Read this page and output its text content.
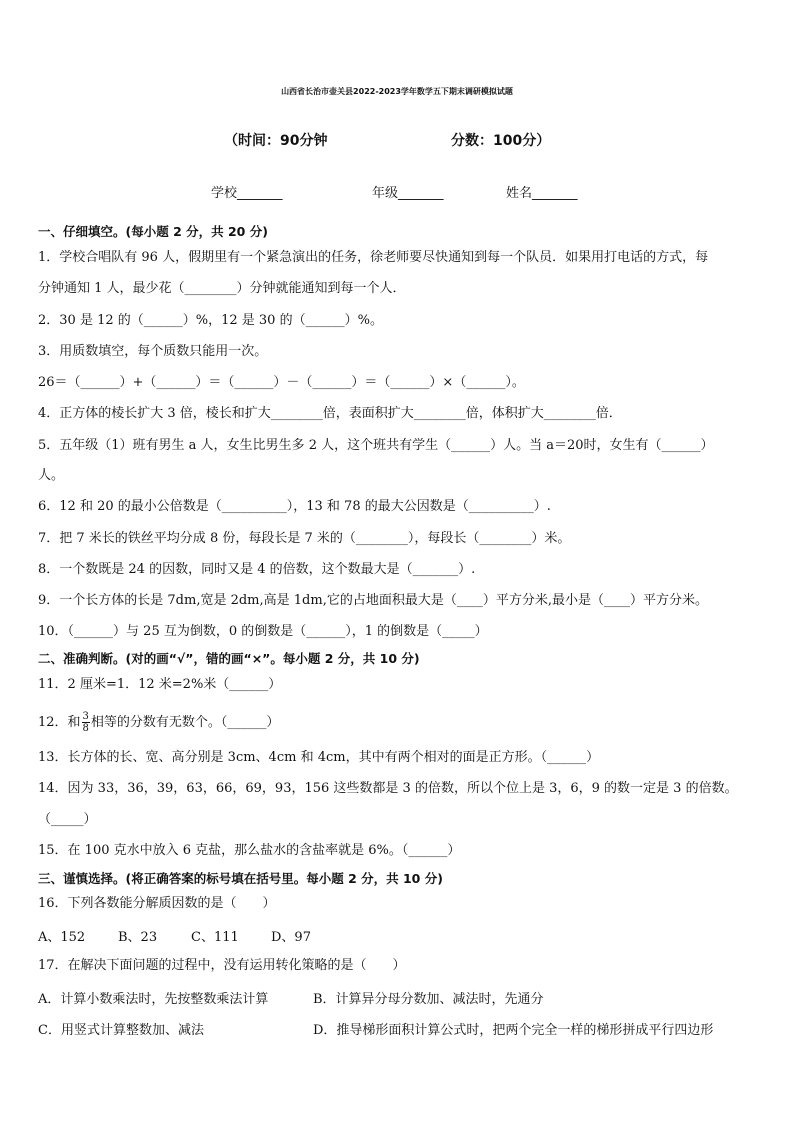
山西省长治市壶关县2022-2023学年数学五下期末调研模拟试题
（时间：90分钟	分数：100分）
学校_______	年级_______	姓名_______
一、仔细填空。(每小题 2 分，共 20 分)
1．学校合唱队有 96 人，假期里有一个紧急演出的任务，徐老师要尽快通知到每一个队员．如果用打电话的方式，每
分钟通知 1 人，最少花（________）分钟就能通知到每一个人．
2．30 是 12 的（______）%，12 是 30 的（______）%。
3．用质数填空，每个质数只能用一次。
26＝（______）+（______）＝（______）－（______）＝（______）×（______）。
4．正方体的棱长扩大 3 倍，棱长和扩大________倍，表面积扩大________倍，体积扩大________倍．
5．五年级（1）班有男生 a 人，女生比男生多 2 人，这个班共有学生（______）人。当 a＝20时，女生有（______）
人。
6．12 和 20 的最小公倍数是（__________），13 和 78 的最大公因数是（__________）.
7．把 7 米长的铁丝平均分成 8 份，每段长是 7 米的（________），每段长（________）米。
8．一个数既是 24 的因数，同时又是 4 的倍数，这个数最大是（_______）.
9．一个长方体的长是 7dm,宽是 2dm,高是 1dm,它的占地面积最大是（____）平方分米,最小是（____）平方分米。
10．（______）与 25 互为倒数，0 的倒数是（______），1 的倒数是（_____）
二、准确判断。(对的画“√”，错的画“×”。每小题 2 分，共 10 分)
11．2 厘米=1．12 米=2%米（______）
12．和 $\frac{3}{8}$ 相等的分数有无数个。（______）
13．长方体的长、宽、高分别是 3cm、4cm 和 4cm，其中有两个相对的面是正方形。（______）
14．因为 33，36，39，63，66，69，93，156 这些数都是 3 的倍数，所以个位上是 3，6，9 的数一定是 3 的倍数。
（_____）
15．在 100 克水中放入 6 克盐，那么盐水的含盐率就是 6%。（______）
三、谨慎选择。(将正确答案的标号填在括号里。每小题 2 分，共 10 分)
16．下列各数能分解质因数的是（　　）
A、152	B、23	C、111 D、97
17．在解决下面问题的过程中，没有运用转化策略的是（　　）
A．计算小数乘法时，先按整数乘法计算	B．计算异分母分数加、减法时，先通分
C．用竖式计算整数加、减法	D．推导梯形面积计算公式时，把两个完全一样的梯形拼成平行四边形
